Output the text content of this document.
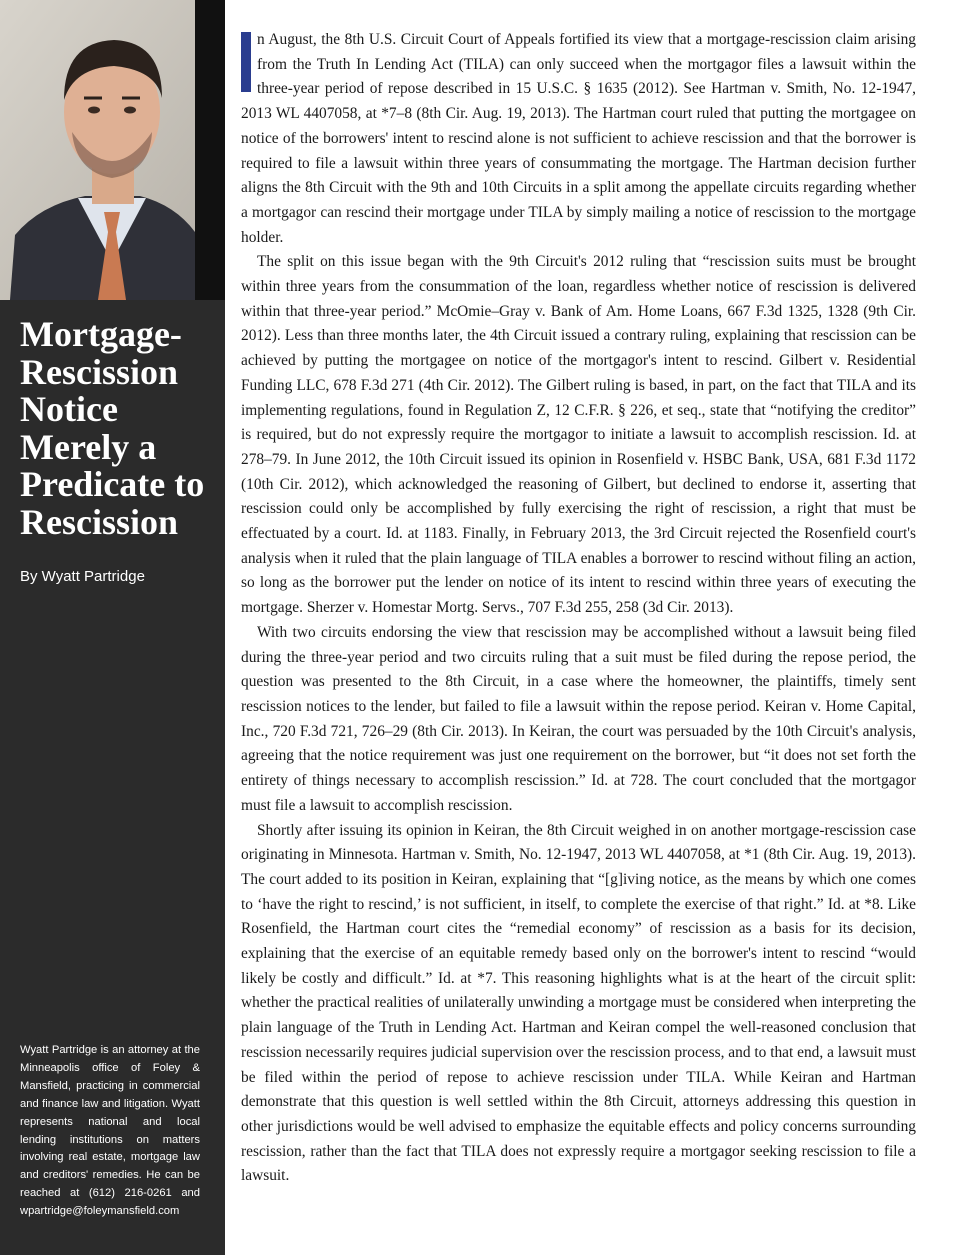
Mortgage Law
Mortgage-Rescission Notice Merely a Predicate to Rescission
By Wyatt Partridge

Wyatt Partridge is an attorney at the Minneapolis office of Foley & Mansfield, practicing in commercial and finance law and litigation. Wyatt represents national and local lending institutions on matters involving real estate, mortgage law and creditors' remedies. He can be reached at (612) 216-0261 and wpartridge@foleymansfield.com

n August, the 8th U.S. Circuit Court of Appeals fortified its view that a mortgage-rescission claim arising from the Truth In Lending Act (TILA) can only succeed when the mortgagor files a lawsuit within the three-year period of repose described in 15 U.S.C. § 1635 (2012). See Hartman v. Smith, No. 12-1947, 2013 WL 4407058, at *7–8 (8th Cir. Aug. 19, 2013). The Hartman court ruled that putting the mortgagee on notice of the borrowers' intent to rescind alone is not sufficient to achieve rescission and that the borrower is required to file a lawsuit within three years of consummating the mortgage. The Hartman decision further aligns the 8th Circuit with the 9th and 10th Circuits in a split among the appellate circuits regarding whether a mortgagor can rescind their mortgage under TILA by simply mailing a notice of rescission to the mortgage holder.

The split on this issue began with the 9th Circuit's 2012 ruling that “rescission suits must be brought within three years from the consummation of the loan, regardless whether notice of rescission is delivered within that three-year period.” McOmie–Gray v. Bank of Am. Home Loans, 667 F.3d 1325, 1328 (9th Cir. 2012). Less than three months later, the 4th Circuit issued a contrary ruling, explaining that rescission can be achieved by putting the mortgagee on notice of the mortgagor's intent to rescind. Gilbert v. Residential Funding LLC, 678 F.3d 271 (4th Cir. 2012). The Gilbert ruling is based, in part, on the fact that TILA and its implementing regulations, found in Regulation Z, 12 C.F.R. § 226, et seq., state that “notifying the creditor” is required, but do not expressly require the mortgagor to initiate a lawsuit to accomplish rescission. Id. at 278–79. In June 2012, the 10th Circuit issued its opinion in Rosenfield v. HSBC Bank, USA, 681 F.3d 1172 (10th Cir. 2012), which acknowledged the reasoning of Gilbert, but declined to endorse it, asserting that rescission could only be accomplished by fully exercising the right of rescission, a right that must be effectuated by a court. Id. at 1183. Finally, in February 2013, the 3rd Circuit rejected the Rosenfield court's analysis when it ruled that the plain language of TILA enables a borrower to rescind without filing an action, so long as the borrower put the lender on notice of its intent to rescind within three years of executing the mortgage. Sherzer v. Homestar Mortg. Servs., 707 F.3d 255, 258 (3d Cir. 2013).

With two circuits endorsing the view that rescission may be accomplished without a lawsuit being filed during the three-year period and two circuits ruling that a suit must be filed during the repose period, the question was presented to the 8th Circuit, in a case where the homeowner, the plaintiffs, timely sent rescission notices to the lender, but failed to file a lawsuit within the repose period. Keiran v. Home Capital, Inc., 720 F.3d 721, 726–29 (8th Cir. 2013). In Keiran, the court was persuaded by the 10th Circuit's analysis, agreeing that the notice requirement was just one requirement on the borrower, but “it does not set forth the entirety of things necessary to accomplish rescission.” Id. at 728. The court concluded that the mortgagor must file a lawsuit to accomplish rescission.

Shortly after issuing its opinion in Keiran, the 8th Circuit weighed in on another mortgage-rescission case originating in Minnesota. Hartman v. Smith, No. 12-1947, 2013 WL 4407058, at *1 (8th Cir. Aug. 19, 2013). The court added to its position in Keiran, explaining that “[g]iving notice, as the means by which one comes to ‘have the right to rescind,’ is not sufficient, in itself, to complete the exercise of that right.” Id. at *8. Like Rosenfield, the Hartman court cites the “remedial economy” of rescission as a basis for its decision, explaining that the exercise of an equitable remedy based only on the borrower's intent to rescind “would likely be costly and difficult.” Id. at *7. This reasoning highlights what is at the heart of the circuit split: whether the practical realities of unilaterally unwinding a mortgage must be considered when interpreting the plain language of the Truth in Lending Act. Hartman and Keiran compel the well-reasoned conclusion that rescission necessarily requires judicial supervision over the rescission process, and to that end, a lawsuit must be filed within the period of repose to achieve rescission under TILA. While Keiran and Hartman demonstrate that this question is well settled within the 8th Circuit, attorneys addressing this question in other jurisdictions would be well advised to emphasize the equitable effects and policy concerns surrounding rescission, rather than the fact that TILA does not expressly require a mortgagor seeking rescission to file a lawsuit.
